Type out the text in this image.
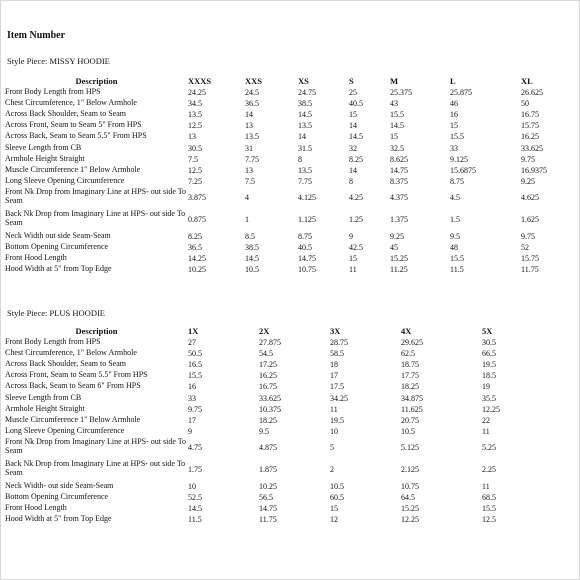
Item Number
Style Piece: MISSY HOODIE
Description	XXXS	XXS	XS	S	M	L	XL
Front Body Length from HPS	24.25	24.5	24.75	25	25.375	25.875	26.625
Chest Circumference, 1" Below Armhole	34.5	36.5	38.5	40.5	43	46	50
Across Back Shoulder, Seam to Seam	13.5	14	14.5	15	15.5	16	16.75
Across Front, Seam to Seam 5" From HPS	12.5	13	13.5	14	14.5	15	15.75
Across Back, Seam to Seam 5.5" From HPS	13	13.5	14	14.5	15	15.5	16.25
Sleeve Length from CB	30.5	31	31.5	32	32.5	33	33.625
Armhole Height Straight	7.5	7.75	8	8.25	8.625	9.125	9.75
Muscle Circumference 1" Below Armhole	12.5	13	13.5	14	14.75	15.6875	16.9375
Long Sleeve Opening Circumference	7.25	7.5	7.75	8	8.375	8.75	9.25
Front Nk Drop from Imaginary Line at HPS- out side To Seam	3.875	4	4.125	4.25	4.375	4.5	4.625
Back Nk Drop from Imaginary Line at HPS- out side To Seam	0.875	1	1.125	1.25	1.375	1.5	1.625
Neck Width out side Seam-Seam	8.25	8.5	8.75	9	9.25	9.5	9.75
Bottom Opening Circumference	36.5	38.5	40.5	42.5	45	48	52
Front Hood Length	14.25	14.5	14.75	15	15.25	15.5	15.75
Hood Width at 5" from Top Edge	10.25	10.5	10.75	11	11.25	11.5	11.75
Style Piece: PLUS HOODIE
Description	1X	2X	3X	4X	5X
Front Body Length from HPS	27	27.875	28.75	29.625	30.5
Chest Circumference, 1" Below Armhole	50.5	54.5	58.5	62.5	66.5
Across Back Shoulder, Seam to Seam	16.5	17.25	18	18.75	19.5
Across Front, Seam to Seam 5.5" From HPS	15.5	16.25	17	17.75	18.5
Across Back, Seam to Seam 6" From HPS	16	16.75	17.5	18.25	19
Sleeve Length from CB	33	33.625	34.25	34.875	35.5
Armhole Height Straight	9.75	10.375	11	11.625	12.25
Muscle Circumference 1" Below Armhole	17	18.25	19.5	20.75	22
Long Sleeve Opening Circumference	9	9.5	10	10.5	11
Front Nk Drop from Imaginary Line at HPS- out side To Seam	4.75	4.875	5	5.125	5.25
Back Nk Drop from Imaginary Line at HPS- out side To Seam	1.75	1.875	2	2.125	2.25
Neck Width- out side Seam-Seam	10	10.25	10.5	10.75	11
Bottom Opening Circumference	52.5	56.5	60.5	64.5	68.5
Front Hood Length	14.5	14.75	15	15.25	15.5
Hood Width at 5" from Top Edge	11.5	11.75	12	12.25	12.5
